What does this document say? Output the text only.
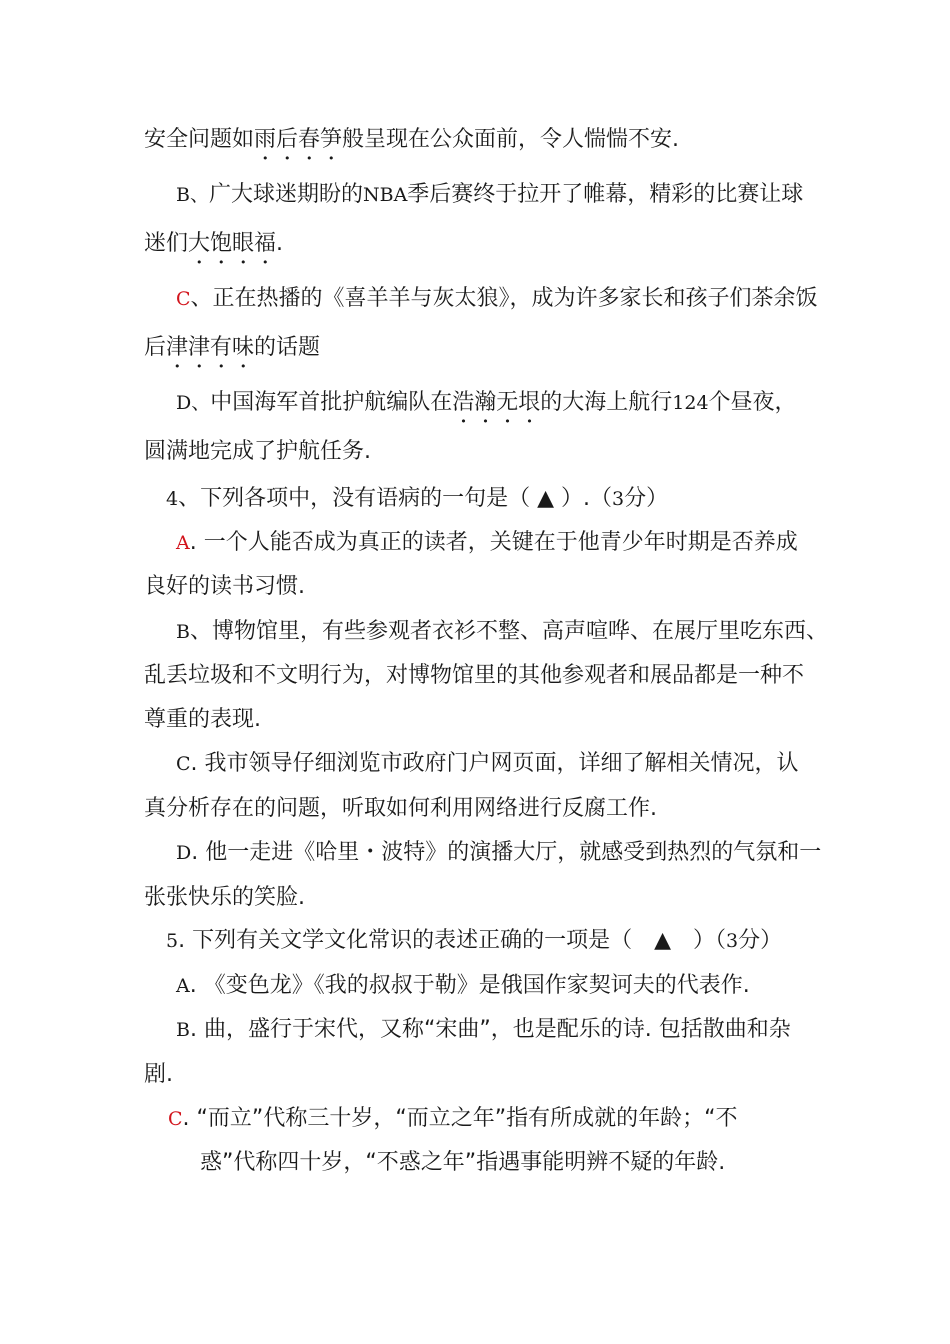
安全问题如雨后春笋般呈现在公众面前，令人惴惴不安.
B、广大球迷期盼的NBA季后赛终于拉开了帷幕，精彩的比赛让球
迷们大饱眼福.
C、正在热播的《喜羊羊与灰太狼》，成为许多家长和孩子们茶余饭
后津津有味的话题
D、中国海军首批护航编队在浩瀚无垠的大海上航行124个昼夜，
圆满地完成了护航任务.
4、下列各项中，没有语病的一句是（ ▲ ）.（3分）
A. 一个人能否成为真正的读者，关键在于他青少年时期是否养成
良好的读书习惯.
B、博物馆里，有些参观者衣衫不整、高声喧哗、在展厅里吃东西、
乱丢垃圾和不文明行为，对博物馆里的其他参观者和展品都是一种不
尊重的表现.
C. 我市领导仔细浏览市政府门户网页面，详细了解相关情况，认
真分析存在的问题，听取如何利用网络进行反腐工作.
D. 他一走进《哈里・波特》的演播大厅，就感受到热烈的气氛和一
张张快乐的笑脸.
5. 下列有关文学文化常识的表述正确的一项是（　▲　）（3分）
A. 《变色龙》《我的叔叔于勒》是俄国作家契诃夫的代表作.
B. 曲，盛行于宋代，又称“宋曲”，也是配乐的诗. 包括散曲和杂
剧.
C. “而立”代称三十岁，“而立之年”指有所成就的年龄；“不
惑”代称四十岁，“不惑之年”指遇事能明辨不疑的年龄.
